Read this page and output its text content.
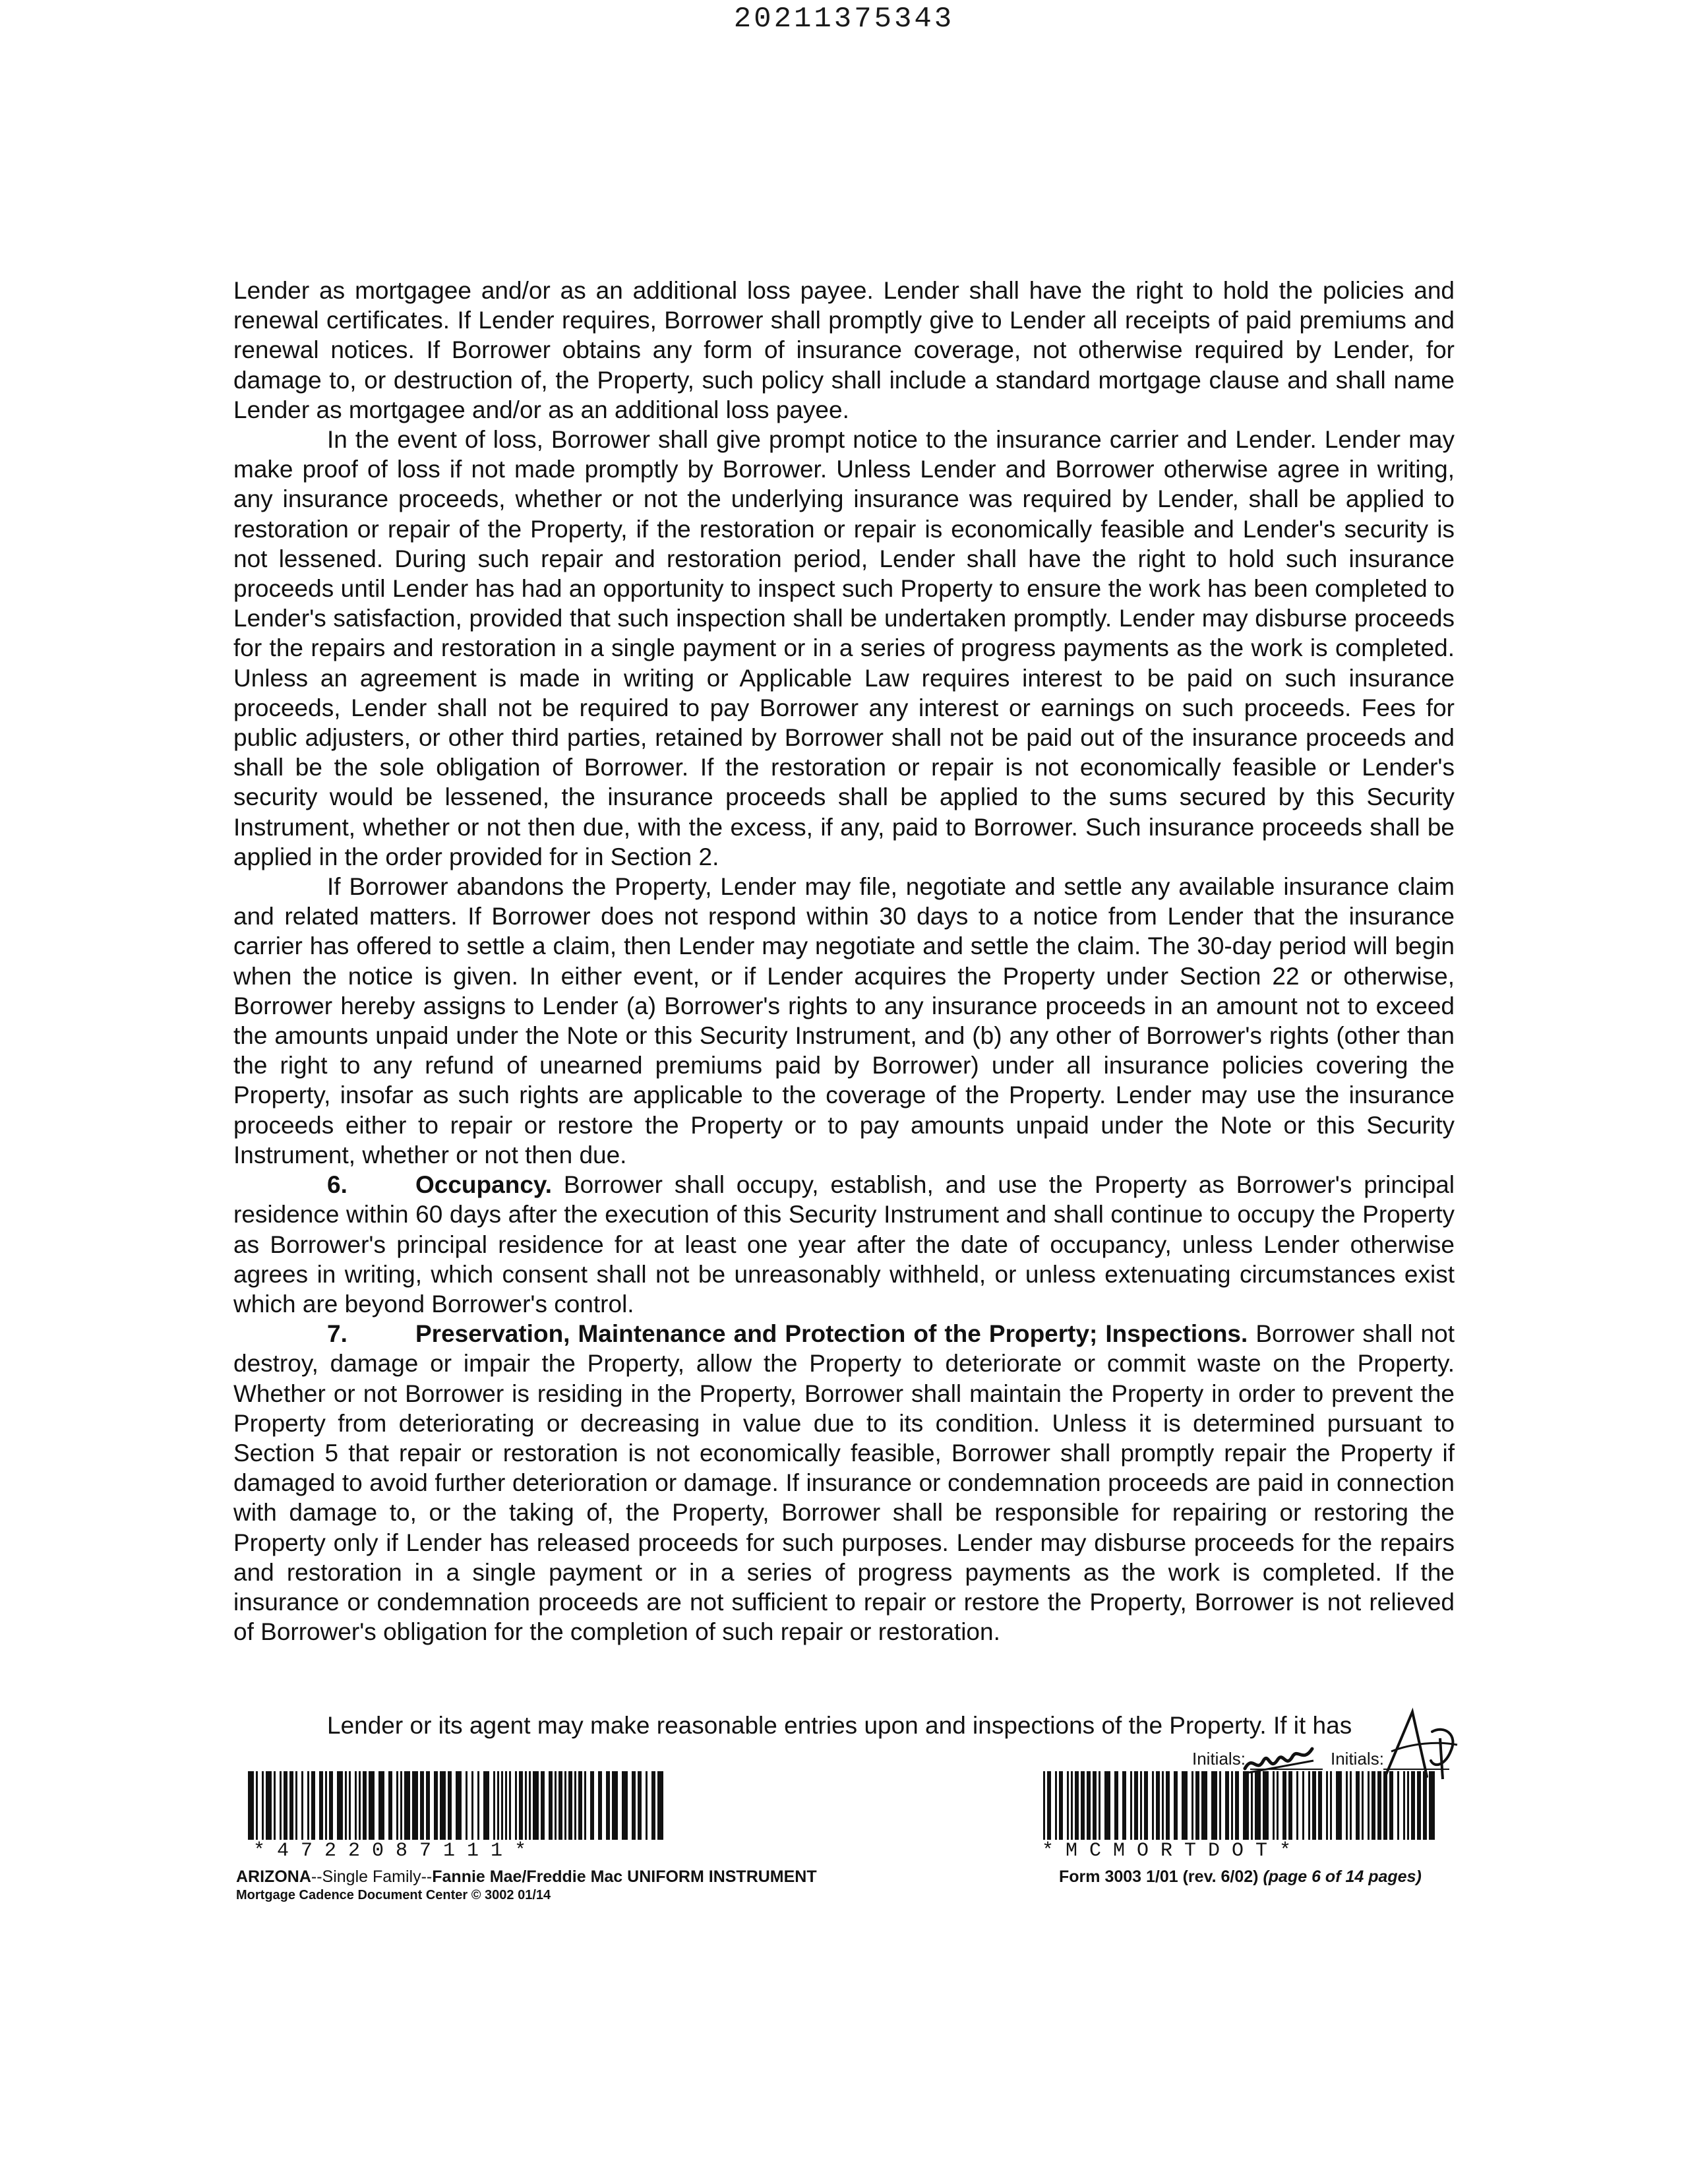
20211375343

Lender as mortgagee and/or as an additional loss payee. Lender shall have the right to hold the policies and renewal certificates. If Lender requires, Borrower shall promptly give to Lender all receipts of paid premiums and renewal notices. If Borrower obtains any form of insurance coverage, not otherwise required by Lender, for damage to, or destruction of, the Property, such policy shall include a standard mortgage clause and shall name Lender as mortgagee and/or as an additional loss payee.

In the event of loss, Borrower shall give prompt notice to the insurance carrier and Lender. Lender may make proof of loss if not made promptly by Borrower. Unless Lender and Borrower otherwise agree in writing, any insurance proceeds, whether or not the underlying insurance was required by Lender, shall be applied to restoration or repair of the Property, if the restoration or repair is economically feasible and Lender's security is not lessened. During such repair and restoration period, Lender shall have the right to hold such insurance proceeds until Lender has had an opportunity to inspect such Property to ensure the work has been completed to Lender's satisfaction, provided that such inspection shall be undertaken promptly. Lender may disburse proceeds for the repairs and restoration in a single payment or in a series of progress payments as the work is completed. Unless an agreement is made in writing or Applicable Law requires interest to be paid on such insurance proceeds, Lender shall not be required to pay Borrower any interest or earnings on such proceeds. Fees for public adjusters, or other third parties, retained by Borrower shall not be paid out of the insurance proceeds and shall be the sole obligation of Borrower. If the restoration or repair is not economically feasible or Lender's security would be lessened, the insurance proceeds shall be applied to the sums secured by this Security Instrument, whether or not then due, with the excess, if any, paid to Borrower. Such insurance proceeds shall be applied in the order provided for in Section 2.

If Borrower abandons the Property, Lender may file, negotiate and settle any available insurance claim and related matters. If Borrower does not respond within 30 days to a notice from Lender that the insurance carrier has offered to settle a claim, then Lender may negotiate and settle the claim. The 30-day period will begin when the notice is given. In either event, or if Lender acquires the Property under Section 22 or otherwise, Borrower hereby assigns to Lender (a) Borrower's rights to any insurance proceeds in an amount not to exceed the amounts unpaid under the Note or this Security Instrument, and (b) any other of Borrower's rights (other than the right to any refund of unearned premiums paid by Borrower) under all insurance policies covering the Property, insofar as such rights are applicable to the coverage of the Property. Lender may use the insurance proceeds either to repair or restore the Property or to pay amounts unpaid under the Note or this Security Instrument, whether or not then due.

6.	Occupancy. Borrower shall occupy, establish, and use the Property as Borrower's principal residence within 60 days after the execution of this Security Instrument and shall continue to occupy the Property as Borrower's principal residence for at least one year after the date of occupancy, unless Lender otherwise agrees in writing, which consent shall not be unreasonably withheld, or unless extenuating circumstances exist which are beyond Borrower's control.

7.	Preservation, Maintenance and Protection of the Property; Inspections. Borrower shall not destroy, damage or impair the Property, allow the Property to deteriorate or commit waste on the Property. Whether or not Borrower is residing in the Property, Borrower shall maintain the Property in order to prevent the Property from deteriorating or decreasing in value due to its condition. Unless it is determined pursuant to Section 5 that repair or restoration is not economically feasible, Borrower shall promptly repair the Property if damaged to avoid further deterioration or damage. If insurance or condemnation proceeds are paid in connection with damage to, or the taking of, the Property, Borrower shall be responsible for repairing or restoring the Property only if Lender has released proceeds for such purposes. Lender may disburse proceeds for the repairs and restoration in a single payment or in a series of progress payments as the work is completed. If the insurance or condemnation proceeds are not sufficient to repair or restore the Property, Borrower is not relieved of Borrower's obligation for the completion of such repair or restoration.

Lender or its agent may make reasonable entries upon and inspections of the Property. If it has
Initials:	Initials:
* 4 7 2 2 0 8 7 1 1 1 *	* M C M O R T D O T *
ARIZONA--Single Family--Fannie Mae/Freddie Mac UNIFORM INSTRUMENT
Mortgage Cadence Document Center © 3002 01/14
Form 3003 1/01 (rev. 6/02) (page 6 of 14 pages)
